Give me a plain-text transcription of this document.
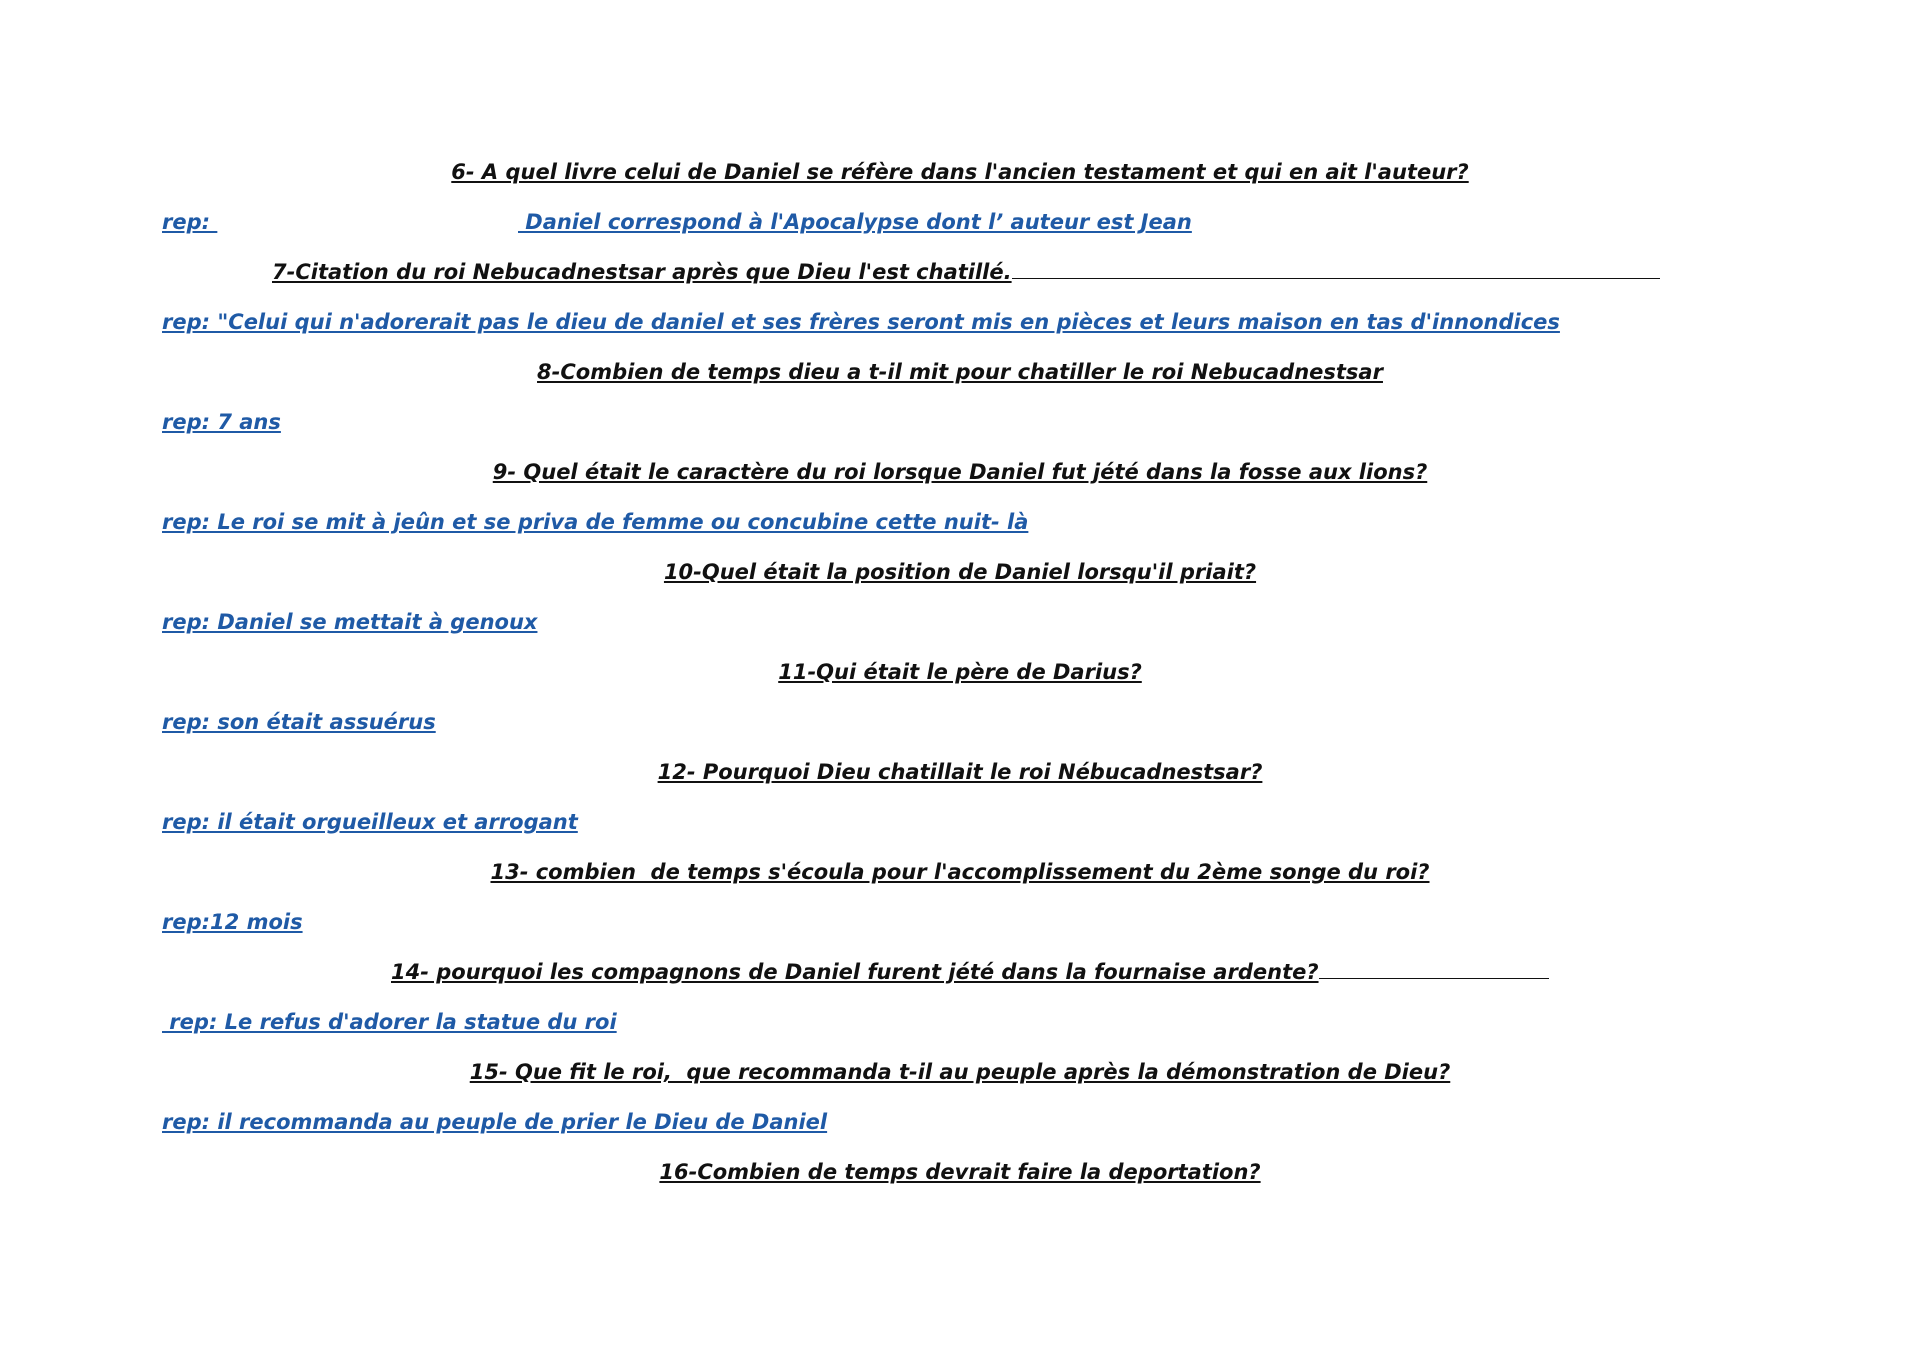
6- A quel livre celui de Daniel se réfère dans l'ancien testament et qui en ait l'auteur?
rep:	Daniel correspond à l'Apocalypse dont l’ auteur est Jean
7-Citation du roi Nebucadnestsar après que Dieu l'est chatillé.
rep: "Celui qui n'adorerait pas le dieu de daniel et ses frères seront mis en pièces et leurs maison en tas d'innondices
8-Combien de temps dieu a t-il mit pour chatiller le roi Nebucadnestsar
rep: 7 ans
9- Quel était le caractère du roi lorsque Daniel fut jété dans la fosse aux lions?
rep: Le roi se mit à jeûn et se priva de femme ou concubine cette nuit- là
10-Quel était la position de Daniel lorsqu'il priait?
rep: Daniel se mettait à genoux
11-Qui était le père de Darius?
rep: son était assuérus
12- Pourquoi Dieu chatillait le roi Nébucadnestsar?
rep: il était orgueilleux et arrogant
13- combien  de temps s'écoula pour l'accomplissement du 2ème songe du roi?
rep:12 mois
14- pourquoi les compagnons de Daniel furent jété dans la fournaise ardente?
rep: Le refus d'adorer la statue du roi
15- Que fit le roi,  que recommanda t-il au peuple après la démonstration de Dieu?
rep: il recommanda au peuple de prier le Dieu de Daniel
16-Combien de temps devrait faire la deportation?
